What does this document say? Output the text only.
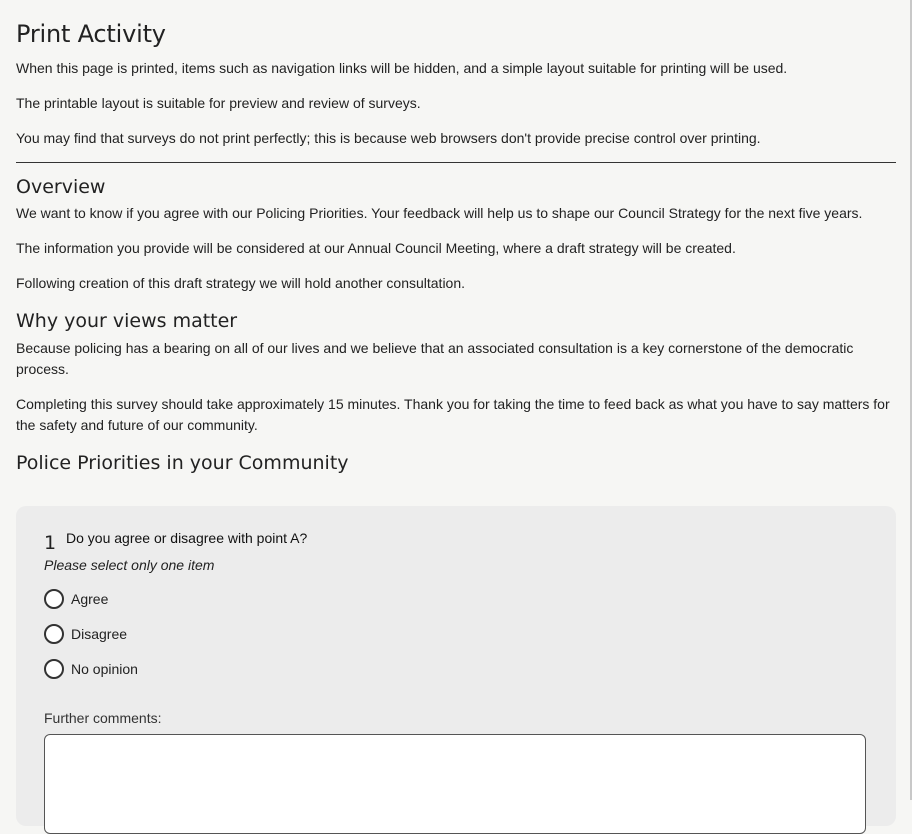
Print Activity

When this page is printed, items such as navigation links will be hidden, and a simple layout suitable for printing will be used.

The printable layout is suitable for preview and review of surveys.

You may find that surveys do not print perfectly; this is because web browsers don't provide precise control over printing.

Overview

We want to know if you agree with our Policing Priorities. Your feedback will help us to shape our Council Strategy for the next five years.

The information you provide will be considered at our Annual Council Meeting, where a draft strategy will be created.

Following creation of this draft strategy we will hold another consultation.

Why your views matter

Because policing has a bearing on all of our lives and we believe that an associated consultation is a key cornerstone of the democratic process.

Completing this survey should take approximately 15 minutes. Thank you for taking the time to feed back as what you have to say matters for the safety and future of our community.

Police Priorities in your Community
1 Do you agree or disagree with point A?
Please select only one item
Agree
Disagree
No opinion
Further comments:
